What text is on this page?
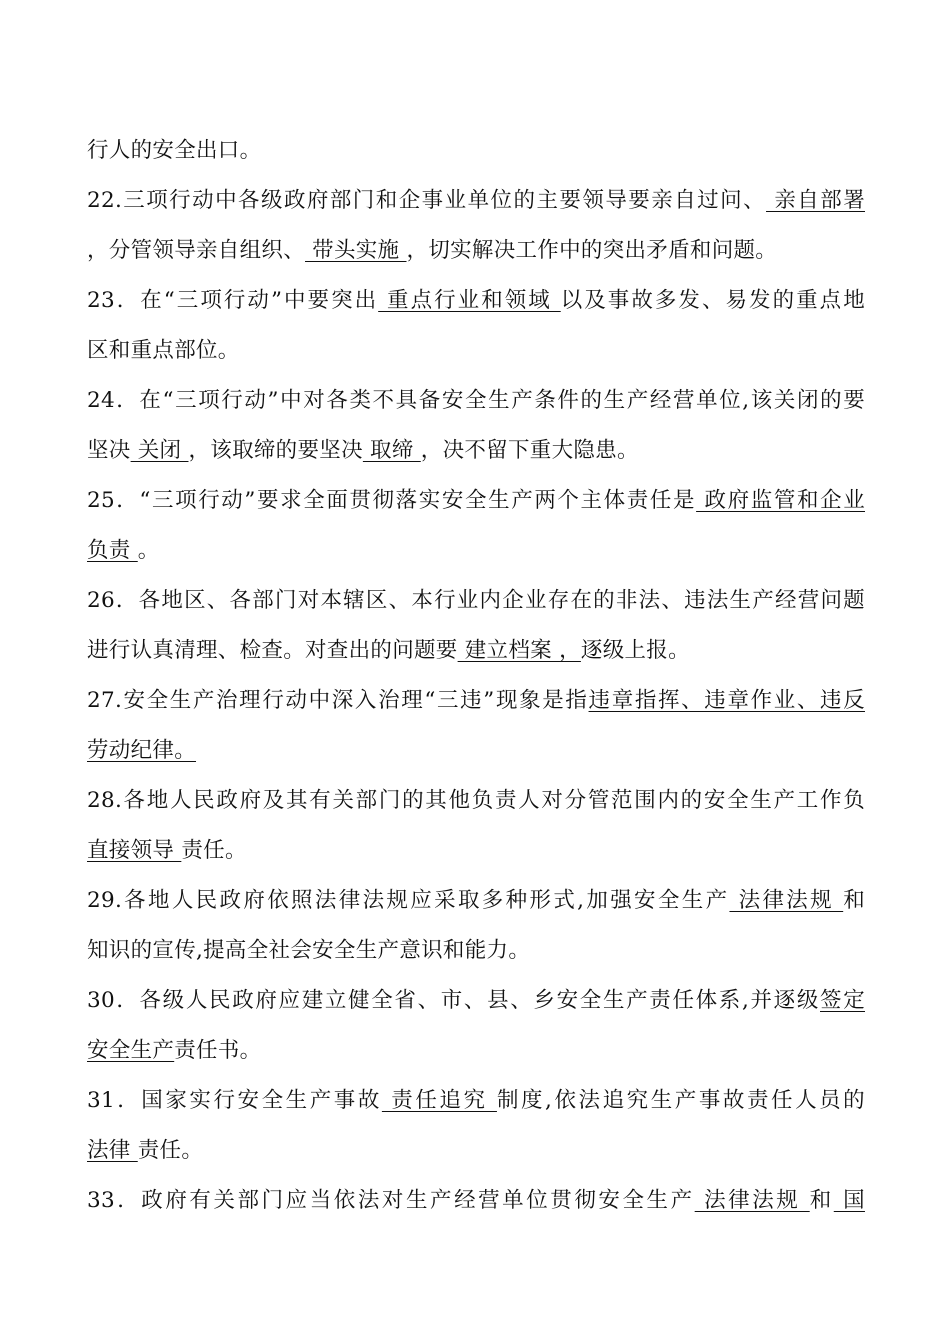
行人的安全出口。
22.三项行动中各级政府部门和企事业单位的主要领导要亲自过问、 亲自部署
，分管领导亲自组织、 带头实施 ，切实解决工作中的突出矛盾和问题。
23．在“三项行动”中要突出 重点行业和领域 以及事故多发、易发的重点地
区和重点部位。
24．在“三项行动”中对各类不具备安全生产条件的生产经营单位,该关闭的要
坚决 关闭 ，该取缔的要坚决 取缔 ，决不留下重大隐患。
25．“三项行动”要求全面贯彻落实安全生产两个主体责任是 政府监管和企业
负责 。
26．各地区、各部门对本辖区、本行业内企业存在的非法、违法生产经营问题
进行认真清理、检查。对查出的问题要 建立档案 ，逐级上报。
27.安全生产治理行动中深入治理“三违”现象是指违章指挥、违章作业、违反
劳动纪律。
28.各地人民政府及其有关部门的其他负责人对分管范围内的安全生产工作负
直接领导 责任。
29.各地人民政府依照法律法规应采取多种形式,加强安全生产 法律法规 和
知识的宣传,提高全社会安全生产意识和能力。
30．各级人民政府应建立健全省、市、县、乡安全生产责任体系,并逐级签定
安全生产责任书。
31．国家实行安全生产事故 责任追究 制度,依法追究生产事故责任人员的
法律 责任。
33．政府有关部门应当依法对生产经营单位贯彻安全生产 法律法规 和 国
